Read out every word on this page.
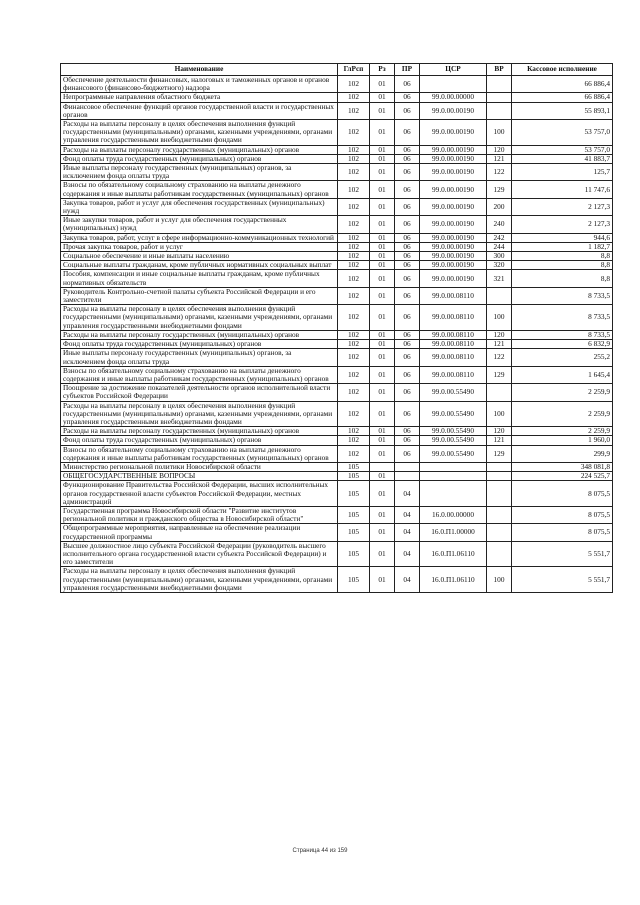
Наименование	ГлРсп	Рз	ПР	ЦСР	ВР	Кассовое исполнение
Обеспечение деятельности финансовых, налоговых и таможенных органов и органов финансового (финансово-бюджетного) надзора	102	01	06			66 886,4
Непрограммные направления областного бюджета	102	01	06	99.0.00.00000		66 886,4
Финансовое обеспечение функций органов государственной власти и государственных органов	102	01	06	99.0.00.00190		55 893,1
Расходы на выплаты персоналу в целях обеспечения выполнения функций государственными (муниципальными) органами, казенными учреждениями, органами управления государственными внебюджетными фондами	102	01	06	99.0.00.00190	100	53 757,0
Расходы на выплаты персоналу государственных (муниципальных) органов	102	01	06	99.0.00.00190	120	53 757,0
Фонд оплаты труда государственных (муниципальных) органов	102	01	06	99.0.00.00190	121	41 883,7
Иные выплаты персоналу государственных (муниципальных) органов, за исключением фонда оплаты труда	102	01	06	99.0.00.00190	122	125,7
Взносы по обязательному социальному страхованию на выплаты денежного содержания и иные выплаты работникам государственных (муниципальных) органов	102	01	06	99.0.00.00190	129	11 747,6
Закупка товаров, работ и услуг для обеспечения государственных (муниципальных) нужд	102	01	06	99.0.00.00190	200	2 127,3
Иные закупки товаров, работ и услуг для обеспечения государственных (муниципальных) нужд	102	01	06	99.0.00.00190	240	2 127,3
Закупка товаров, работ, услуг в сфере информационно-коммуникационных технологий	102	01	06	99.0.00.00190	242	944,6
Прочая закупка товаров, работ и услуг	102	01	06	99.0.00.00190	244	1 182,7
Социальное обеспечение и иные выплаты населению	102	01	06	99.0.00.00190	300	8,8
Социальные выплаты гражданам, кроме публичных нормативных социальных выплат	102	01	06	99.0.00.00190	320	8,8
Пособия, компенсации и иные социальные выплаты гражданам, кроме публичных нормативных обязательств	102	01	06	99.0.00.00190	321	8,8
Руководитель Контрольно-счетной палаты субъекта Российской Федерации и его заместители	102	01	06	99.0.00.08110		8 733,5
Расходы на выплаты персоналу в целях обеспечения выполнения функций государственными (муниципальными) органами, казенными учреждениями, органами управления государственными внебюджетными фондами	102	01	06	99.0.00.08110	100	8 733,5
Расходы на выплаты персоналу государственных (муниципальных) органов	102	01	06	99.0.00.08110	120	8 733,5
Фонд оплаты труда государственных (муниципальных) органов	102	01	06	99.0.00.08110	121	6 832,9
Иные выплаты персоналу государственных (муниципальных) органов, за исключением фонда оплаты труда	102	01	06	99.0.00.08110	122	255,2
Взносы по обязательному социальному страхованию на выплаты денежного содержания и иные выплаты работникам государственных (муниципальных) органов	102	01	06	99.0.00.08110	129	1 645,4
Поощрение за достижение показателей деятельности органов исполнительной власти субъектов Российской Федерации	102	01	06	99.0.00.55490		2 259,9
Расходы на выплаты персоналу в целях обеспечения выполнения функций государственными (муниципальными) органами, казенными учреждениями, органами управления государственными внебюджетными фондами	102	01	06	99.0.00.55490	100	2 259,9
Расходы на выплаты персоналу государственных (муниципальных) органов	102	01	06	99.0.00.55490	120	2 259,9
Фонд оплаты труда государственных (муниципальных) органов	102	01	06	99.0.00.55490	121	1 960,0
Взносы по обязательному социальному страхованию на выплаты денежного содержания и иные выплаты работникам государственных (муниципальных) органов	102	01	06	99.0.00.55490	129	299,9
Министерство региональной политики Новосибирской области	105					348 081,8
ОБЩЕГОСУДАРСТВЕННЫЕ ВОПРОСЫ	105	01				224 525,7
Функционирование Правительства Российской Федерации, высших исполнительных органов государственной власти субъектов Российской Федерации, местных администраций	105	01	04			8 075,5
Государственная программа Новосибирской области "Развитие институтов региональной политики и гражданского общества в Новосибирской области"	105	01	04	16.0.00.00000		8 075,5
Общепрограммные мероприятия, направленные на обеспечение реализации государственной программы	105	01	04	16.0.П1.00000		8 075,5
Высшее должностное лицо субъекта Российской Федерации (руководитель высшего исполнительного органа государственной власти субъекта Российской Федерации) и его заместители	105	01	04	16.0.П1.06110		5 551,7
Расходы на выплаты персоналу в целях обеспечения выполнения функций государственными (муниципальными) органами, казенными учреждениями, органами управления государственными внебюджетными фондами	105	01	04	16.0.П1.06110	100	5 551,7
Страница 44 из 159
